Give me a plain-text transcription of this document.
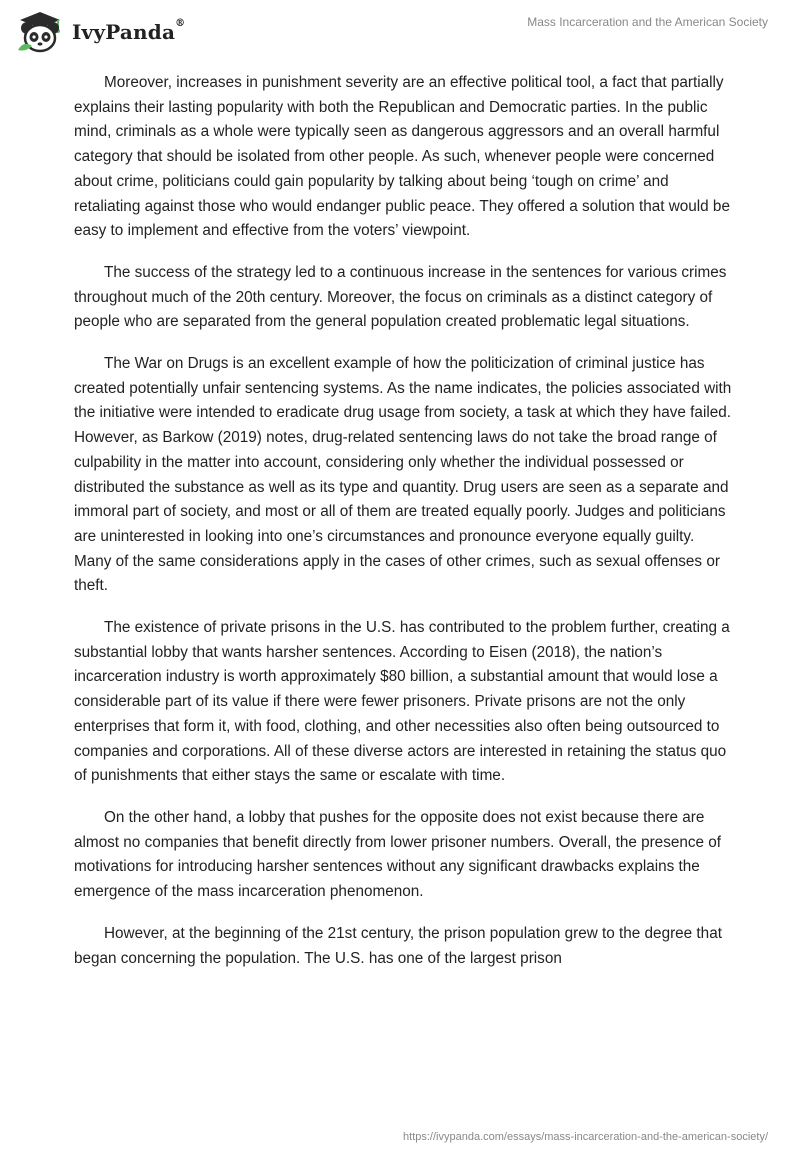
IvyPanda®	Mass Incarceration and the American Society

Moreover, increases in punishment severity are an effective political tool, a fact that partially explains their lasting popularity with both the Republican and Democratic parties. In the public mind, criminals as a whole were typically seen as dangerous aggressors and an overall harmful category that should be isolated from other people. As such, whenever people were concerned about crime, politicians could gain popularity by talking about being ‘tough on crime’ and retaliating against those who would endanger public peace. They offered a solution that would be easy to implement and effective from the voters’ viewpoint.

The success of the strategy led to a continuous increase in the sentences for various crimes throughout much of the 20th century. Moreover, the focus on criminals as a distinct category of people who are separated from the general population created problematic legal situations.

The War on Drugs is an excellent example of how the politicization of criminal justice has created potentially unfair sentencing systems. As the name indicates, the policies associated with the initiative were intended to eradicate drug usage from society, a task at which they have failed. However, as Barkow (2019) notes, drug-related sentencing laws do not take the broad range of culpability in the matter into account, considering only whether the individual possessed or distributed the substance as well as its type and quantity. Drug users are seen as a separate and immoral part of society, and most or all of them are treated equally poorly. Judges and politicians are uninterested in looking into one’s circumstances and pronounce everyone equally guilty. Many of the same considerations apply in the cases of other crimes, such as sexual offenses or theft.

The existence of private prisons in the U.S. has contributed to the problem further, creating a substantial lobby that wants harsher sentences. According to Eisen (2018), the nation’s incarceration industry is worth approximately $80 billion, a substantial amount that would lose a considerable part of its value if there were fewer prisoners. Private prisons are not the only enterprises that form it, with food, clothing, and other necessities also often being outsourced to companies and corporations. All of these diverse actors are interested in retaining the status quo of punishments that either stays the same or escalate with time.

On the other hand, a lobby that pushes for the opposite does not exist because there are almost no companies that benefit directly from lower prisoner numbers. Overall, the presence of motivations for introducing harsher sentences without any significant drawbacks explains the emergence of the mass incarceration phenomenon.

However, at the beginning of the 21st century, the prison population grew to the degree that began concerning the population. The U.S. has one of the largest prison

https://ivypanda.com/essays/mass-incarceration-and-the-american-society/
